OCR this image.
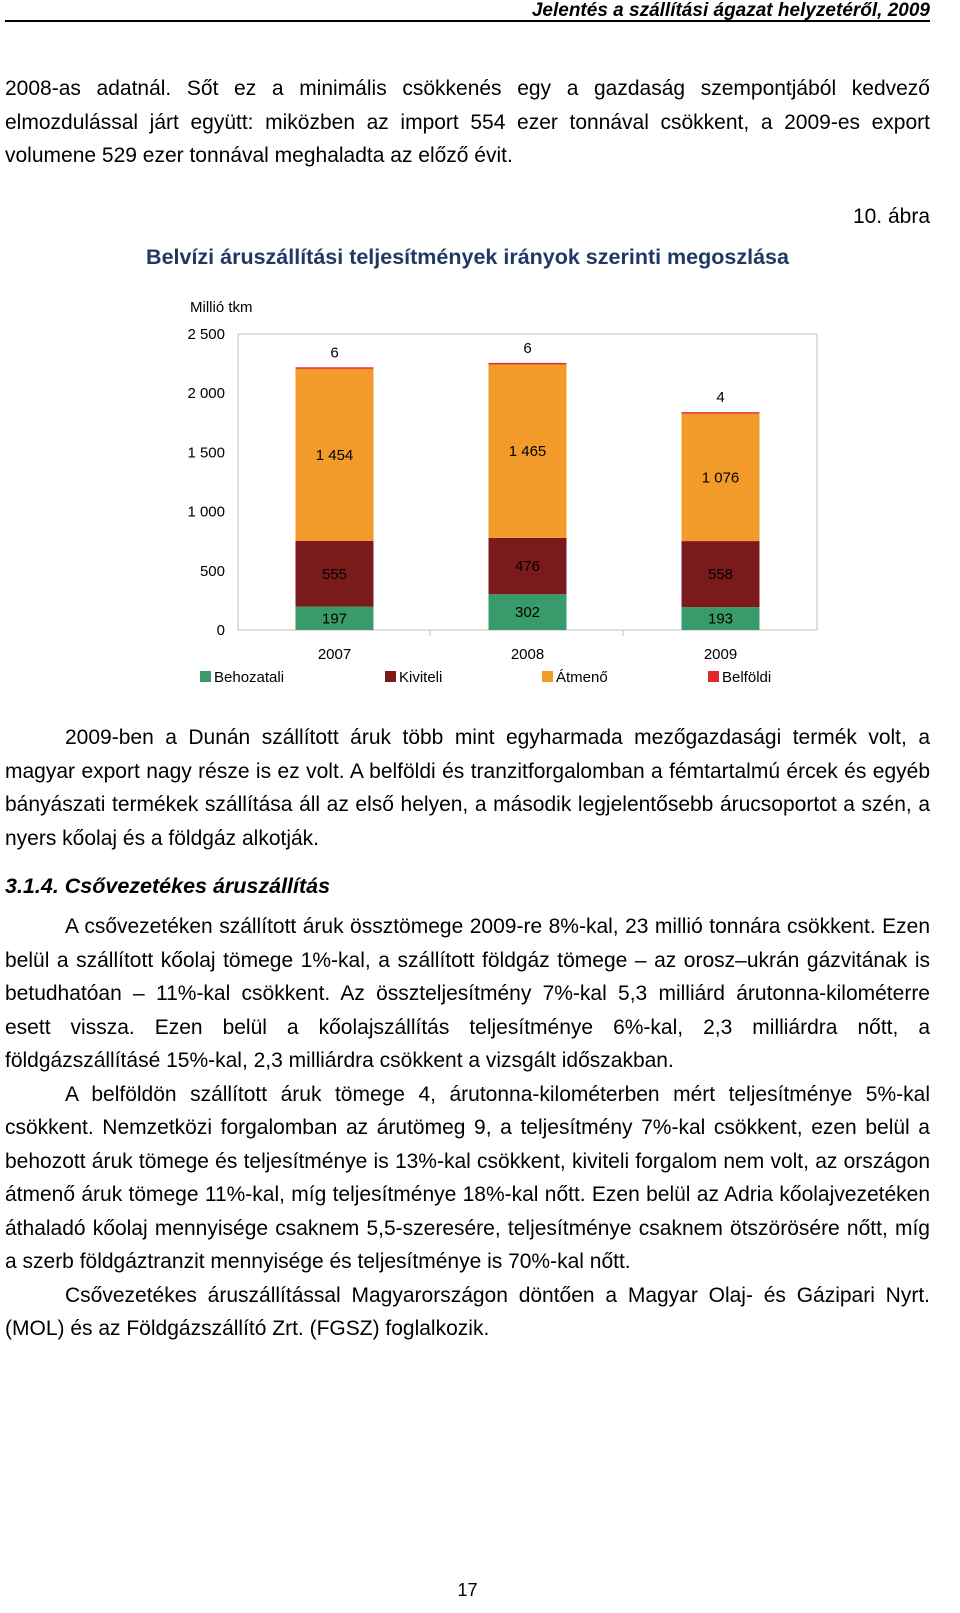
Jelentés a szállítási ágazat helyzetéről, 2009

2008-as adatnál. Sőt ez a minimális csökkenés egy a gazdaság szempontjából kedvező elmozdulással járt együtt: miközben az import 554 ezer tonnával csökkent, a 2009-es export volumene 529 ezer tonnával meghaladta az előző évit.

10. ábra
Belvízi áruszállítási teljesítmények irányok szerinti megoszlása
Millió tkm
2 500
2 000
1 500
1 000
500
0
197
555
1 454
6
2007
302
476
1 465
6
2008
193
558
1 076
4
2009
Behozatali	Kiviteli	Átmenő	Belföldi

2009-ben a Dunán szállított áruk több mint egyharmada mezőgazdasági termék volt, a magyar export nagy része is ez volt. A belföldi és tranzitforgalomban a fémtartalmú ércek és egyéb bányászati termékek szállítása áll az első helyen, a második legjelentősebb árucsoportot a szén, a nyers kőolaj és a földgáz alkotják.

3.1.4. Csővezetékes áruszállítás

A csővezetéken szállított áruk össztömege 2009-re 8%-kal, 23 millió tonnára csökkent. Ezen belül a szállított kőolaj tömege 1%-kal, a szállított földgáz tömege – az orosz–ukrán gázvitának is betudhatóan – 11%-kal csökkent. Az összteljesítmény 7%-kal 5,3 milliárd árutonna-kilométerre esett vissza. Ezen belül a kőolajszállítás teljesítménye 6%-kal, 2,3 milliárdra nőtt, a földgázszállításé 15%-kal, 2,3 milliárdra csökkent a vizsgált időszakban.

A belföldön szállított áruk tömege 4, árutonna-kilométerben mért teljesítménye 5%-kal csökkent. Nemzetközi forgalomban az árutömeg 9, a teljesítmény 7%-kal csökkent, ezen belül a behozott áruk tömege és teljesítménye is 13%-kal csökkent, kiviteli forgalom nem volt, az országon átmenő áruk tömege 11%-kal, míg teljesítménye 18%-kal nőtt. Ezen belül az Adria kőolajvezetéken áthaladó kőolaj mennyisége csaknem 5,5-szeresére, teljesítménye csaknem ötszörösére nőtt, míg a szerb földgáztranzit mennyisége és teljesítménye is 70%-kal nőtt.

Csővezetékes áruszállítással Magyarországon döntően a Magyar Olaj- és Gázipari Nyrt. (MOL) és az Földgázszállító Zrt. (FGSZ) foglalkozik.

17
